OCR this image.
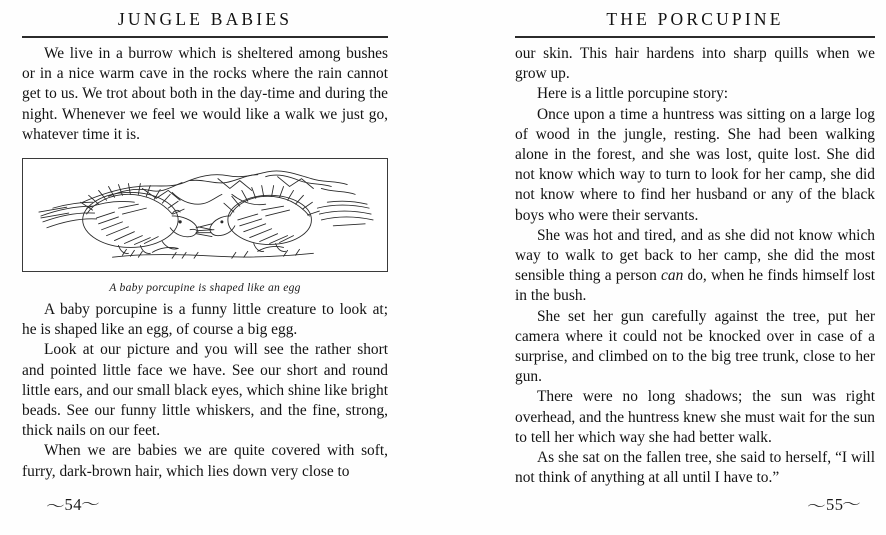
JUNGLE BABIES

We live in a burrow which is sheltered among bushes or in a nice warm cave in the rocks where the rain cannot get to us. We trot about both in the day-time and during the night. Whenever we feel we would like a walk we just go, whatever time it is.

A baby porcupine is shaped like an egg

A baby porcupine is a funny little creature to look at; he is shaped like an egg, of course a big egg.

Look at our picture and you will see the rather short and pointed little face we have. See our short and round little ears, and our small black eyes, which shine like bright beads. See our funny little whiskers, and the fine, strong, thick nails on our feet.

When we are babies we are quite covered with soft, furry, dark-brown hair, which lies down very close to

〜54〜
THE PORCUPINE

our skin. This hair hardens into sharp quills when we grow up.

Here is a little porcupine story:

Once upon a time a huntress was sitting on a large log of wood in the jungle, resting. She had been walking alone in the forest, and she was lost, quite lost. She did not know which way to turn to look for her camp, she did not know where to find her husband or any of the black boys who were their servants.

She was hot and tired, and as she did not know which way to walk to get back to her camp, she did the most sensible thing a person can do, when he finds himself lost in the bush.

She set her gun carefully against the tree, put her camera where it could not be knocked over in case of a surprise, and climbed on to the big tree trunk, close to her gun.

There were no long shadows; the sun was right overhead, and the huntress knew she must wait for the sun to tell her which way she had better walk.

As she sat on the fallen tree, she said to herself, “I will not think of anything at all until I have to.”

〜55〜
